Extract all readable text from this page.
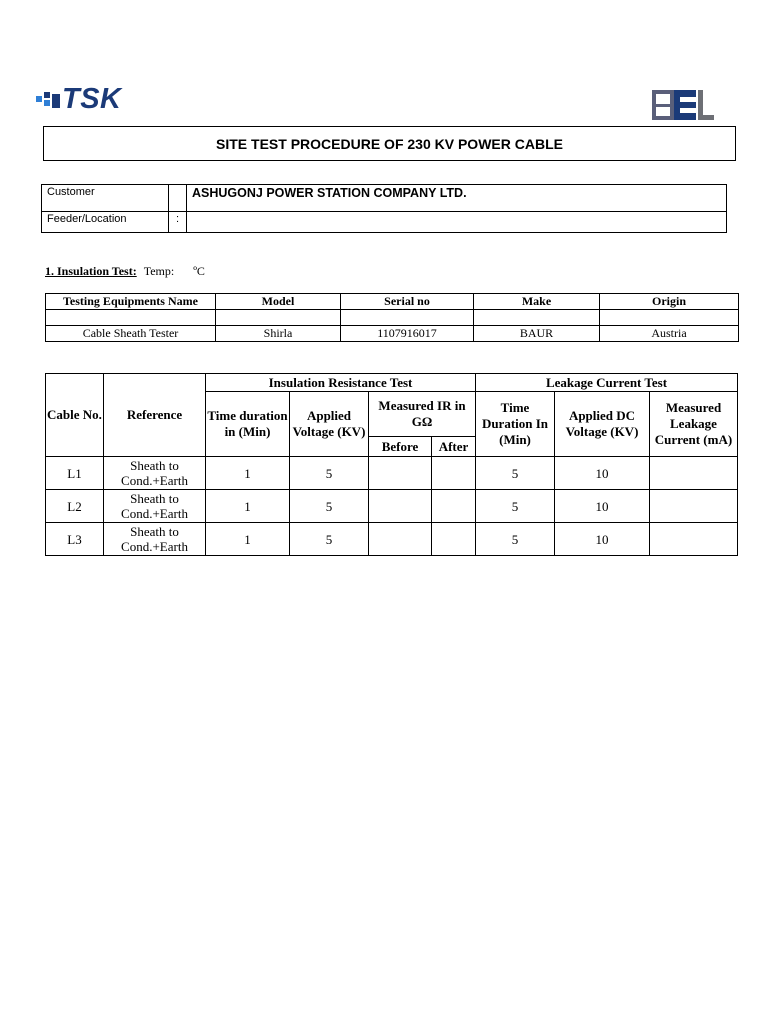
TSK
SITE TEST PROCEDURE OF 230 KV POWER CABLE
Customer		ASHUGONJ POWER STATION COMPANY LTD.
Feeder/Location	:	
1. Insulation Test: Temp: ºC
Testing Equipments Name	Model	Serial no	Make	Origin

Cable Sheath Tester	Shirla	1107916017	BAUR	Austria
Cable No.	Reference	Insulation Resistance Test				Leakage Current Test		
		Time duration in (Min)	Applied Voltage (KV)	Measured IR in GΩ		Time Duration In (Min)	Applied DC Voltage (KV)	Measured Leakage Current (mA)
				Before	After			
L1	Sheath to Cond.+Earth	1	5			5	10	
L2	Sheath to Cond.+Earth	1	5			5	10	
L3	Sheath to Cond.+Earth	1	5			5	10	
